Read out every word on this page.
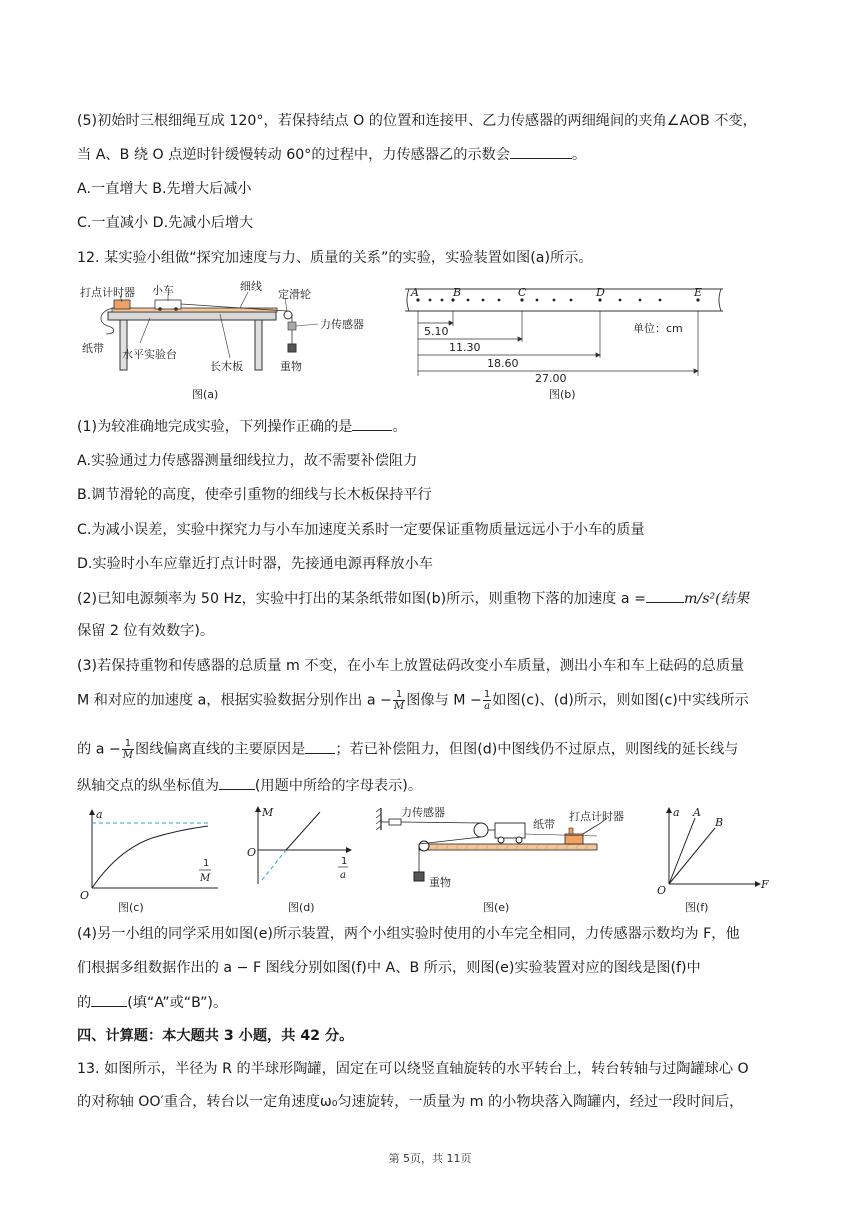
(5)初始时三根细绳互成 120°，若保持结点 O 的位置和连接甲、乙力传感器的两细绳间的夹角∠AOB 不变，
当 A、B 绕 O 点逆时针缓慢转动 60°的过程中，力传感器乙的示数会	。
A.一直增大 B.先增大后减小
C.一直减小 D.先减小后增大
12. 某实验小组做“探究加速度与力、质量的关系”的实验，实验装置如图(a)所示。
打点计时器 小车	细线
定滑轮
力传感器
纸带 水平实验台
长木板	重物
图(a)
A	B	C	D	E
5.10
11.30
18.60
27.00
单位：cm
图(b)
(1)为较准确地完成实验，下列操作正确的是	。
A.实验通过力传感器测量细线拉力，故不需要补偿阻力
B.调节滑轮的高度，使牵引重物的细线与长木板保持平行
C.为减小误差，实验中探究力与小车加速度关系时一定要保证重物质量远远小于小车的质量
D.实验时小车应靠近打点计时器，先接通电源再释放小车
(2)已知电源频率为 50 Hz，实验中打出的某条纸带如图(b)所示，则重物下落的加速度 a =	m/s²(结果
保留 2 位有效数字)。
(3)若保持重物和传感器的总质量 m 不变，在小车上放置砝码改变小车质量，测出小车和车上砝码的总质量
M 和对应的加速度 a，根据实验数据分别作出 $a - \frac{1}{M}$ 图像与 $M - \frac{1}{a}$ 如图(c)、(d)所示，则如图(c)中实线所示
的 $a - \frac{1}{M}$ 图线偏离直线的主要原因是 ；若已补偿阻力，但图(d)中图线仍不过原点，则图线的延长线与
纵轴交点的纵坐标值为	(用题中所给的字母表示)。
a
O
1
M
图(c)
M
O
1
a
图(d)
力传感器
纸带
打点计时器
重物
图(e)
a
O	F
A
B
图(f)
(4)另一小组的同学采用如图(e)所示装置，两个小组实验时使用的小车完全相同，力传感器示数均为 F，他
们根据多组数据作出的 a − F 图线分别如图(f)中 A、B 所示，则图(e)实验装置对应的图线是图(f)中
的	(填“A”或“B”)。
四、计算题：本大题共 3 小题，共 42 分。
13. 如图所示，半径为 R 的半球形陶罐，固定在可以绕竖直轴旋转的水平转台上，转台转轴与过陶罐球心 O
的对称轴 OO′重合，转台以一定角速度ω₀匀速旋转，一质量为 m 的小物块落入陶罐内，经过一段时间后，
第 5页，共 11页
